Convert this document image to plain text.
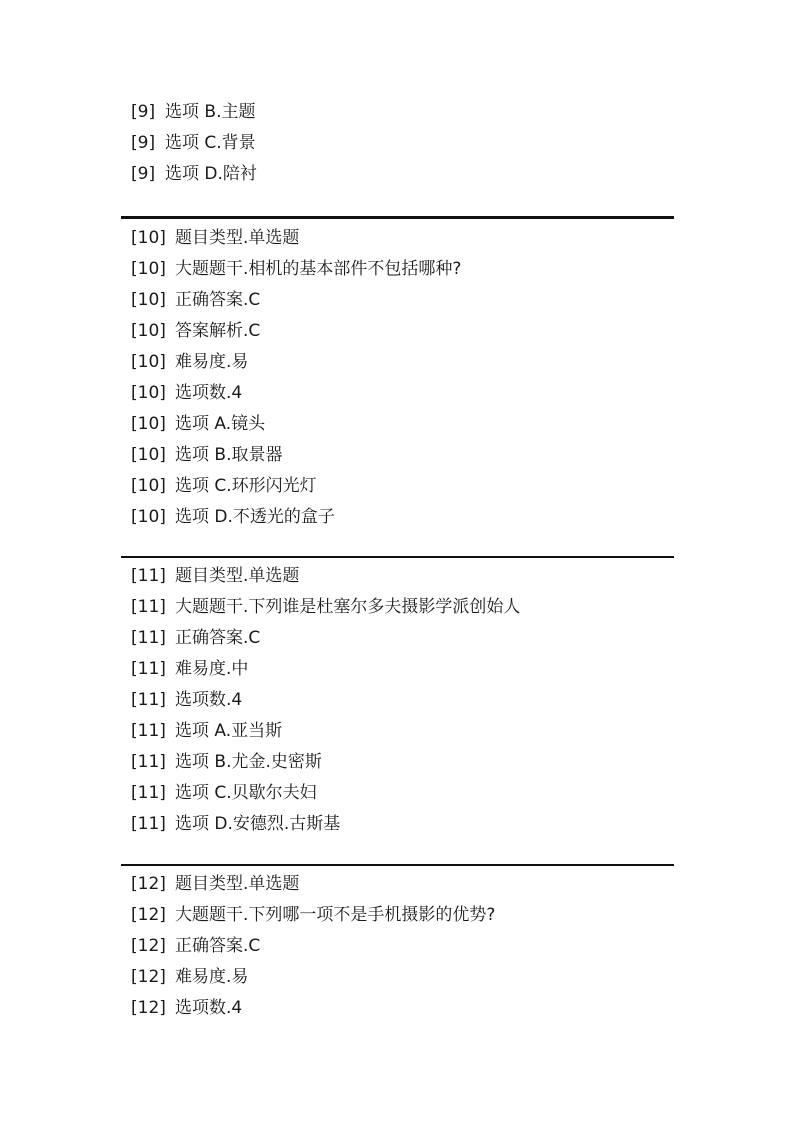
[9] 选项 B.主题
[9] 选项 C.背景
[9] 选项 D.陪衬
[10] 题目类型.单选题
[10] 大题题干.相机的基本部件不包括哪种?
[10] 正确答案.C
[10] 答案解析.C
[10] 难易度.易
[10] 选项数.4
[10] 选项 A.镜头
[10] 选项 B.取景器
[10] 选项 C.环形闪光灯
[10] 选项 D.不透光的盒子
[11] 题目类型.单选题
[11] 大题题干.下列谁是杜塞尔多夫摄影学派创始人
[11] 正确答案.C
[11] 难易度.中
[11] 选项数.4
[11] 选项 A.亚当斯
[11] 选项 B.尤金.史密斯
[11] 选项 C.贝歇尔夫妇
[11] 选项 D.安德烈.古斯基
[12] 题目类型.单选题
[12] 大题题干.下列哪一项不是手机摄影的优势?
[12] 正确答案.C
[12] 难易度.易
[12] 选项数.4
